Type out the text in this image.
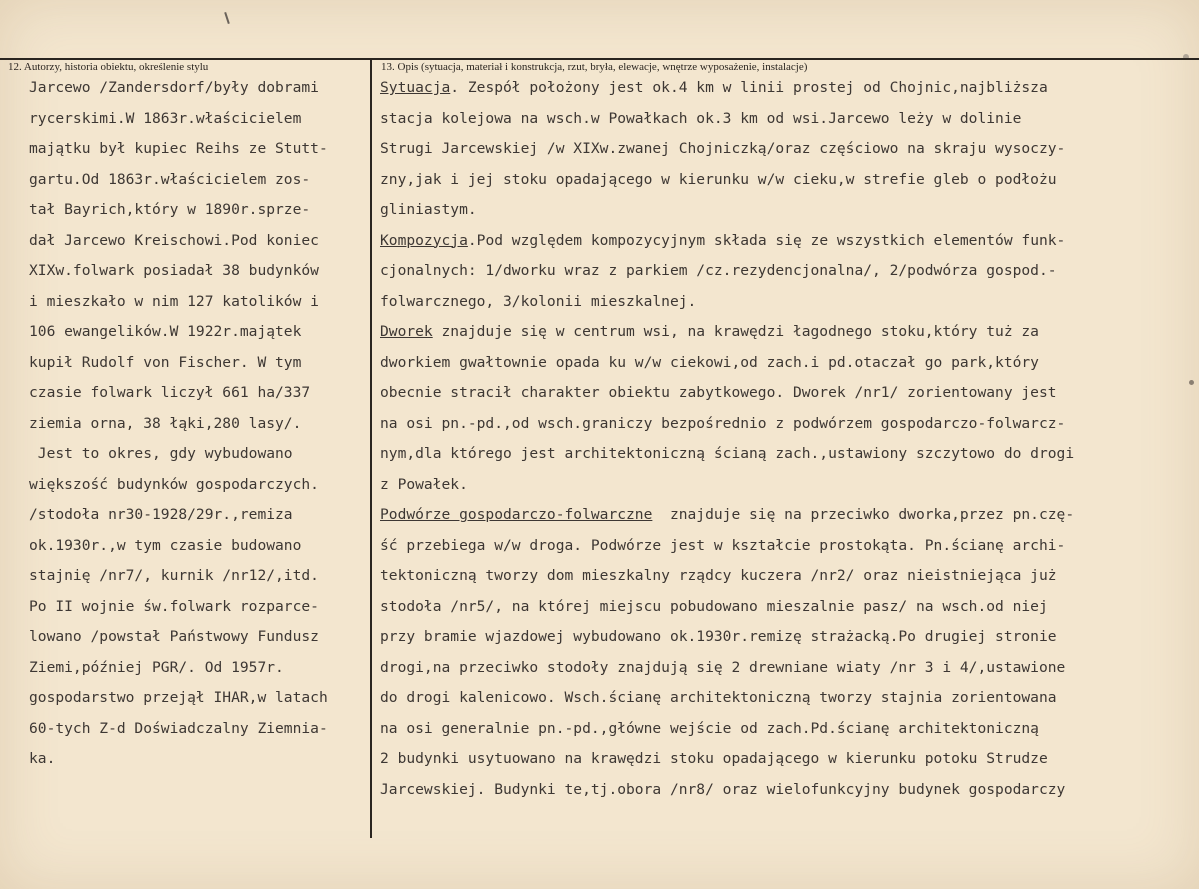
12. Autorzy, historia obiektu, określenie stylu	13. Opis (sytuacja, materiał i konstrukcja, rzut, bryła, elewacje, wnętrze wyposażenie, instalacje)
Jarcewo /Zandersdorf/były dobrami
rycerskimi.W 1863r.właścicielem
majątku był kupiec Reihs ze Stutt-
gartu.Od 1863r.właścicielem zos-
tał Bayrich,który w 1890r.sprze-
dał Jarcewo Kreischowi.Pod koniec
XIXw.folwark posiadał 38 budynków
i mieszkało w nim 127 katolików i
106 ewangelików.W 1922r.majątek
kupił Rudolf von Fischer. W tym
czasie folwark liczył 661 ha/337
ziemia orna, 38 łąki,280 lasy/.
Jest to okres, gdy wybudowano
większość budynków gospodarczych.
/stodoła nr30-1928/29r.,remiza
ok.1930r.,w tym czasie budowano
stajnię /nr7/, kurnik /nr12/,itd.
Po II wojnie św.folwark rozparce-
lowano /powstał Państwowy Fundusz
Ziemi,później PGR/. Od 1957r.
gospodarstwo przejął IHAR,w latach
60-tych Z-d Doświadczalny Ziemnia-
ka.
Sytuacja. Zespół położony jest ok.4 km w linii prostej od Chojnic,najbliższa
stacja kolejowa na wsch.w Powałkach ok.3 km od wsi.Jarcewo leży w dolinie
Strugi Jarcewskiej /w XIXw.zwanej Chojniczką/oraz częściowo na skraju wysoczy-
zny,jak i jej stoku opadającego w kierunku w/w cieku,w strefie gleb o podłożu
gliniastym.
Kompozycja.Pod względem kompozycyjnym składa się ze wszystkich elementów funk-
cjonalnych: 1/dworku wraz z parkiem /cz.rezydencjonalna/, 2/podwórza gospod.-
folwarcznego, 3/kolonii mieszkalnej.
Dworek znajduje się w centrum wsi, na krawędzi łagodnego stoku,który tuż za
dworkiem gwałtownie opada ku w/w ciekowi,od zach.i pd.otaczał go park,który
obecnie stracił charakter obiektu zabytkowego. Dworek /nr1/ zorientowany jest
na osi pn.-pd.,od wsch.graniczy bezpośrednio z podwórzem gospodarczo-folwarcz-
nym,dla którego jest architektoniczną ścianą zach.,ustawiony szczytowo do drogi
z Powałek.
Podwórze gospodarczo-folwarczne  znajduje się na przeciwko dworka,przez pn.czę-
ść przebiega w/w droga. Podwórze jest w kształcie prostokąta. Pn.ścianę archi-
tektoniczną tworzy dom mieszkalny rządcy kuczera /nr2/ oraz nieistniejąca już
stodoła /nr5/, na której miejscu pobudowano mieszalnie pasz/ na wsch.od niej
przy bramie wjazdowej wybudowano ok.1930r.remizę strażacką.Po drugiej stronie
drogi,na przeciwko stodoły znajdują się 2 drewniane wiaty /nr 3 i 4/,ustawione
do drogi kalenicowo. Wsch.ścianę architektoniczną tworzy stajnia zorientowana
na osi generalnie pn.-pd.,główne wejście od zach.Pd.ścianę architektoniczną
2 budynki usytuowano na krawędzi stoku opadającego w kierunku potoku Strudze
Jarcewskiej. Budynki te,tj.obora /nr8/ oraz wielofunkcyjny budynek gospodarczy
